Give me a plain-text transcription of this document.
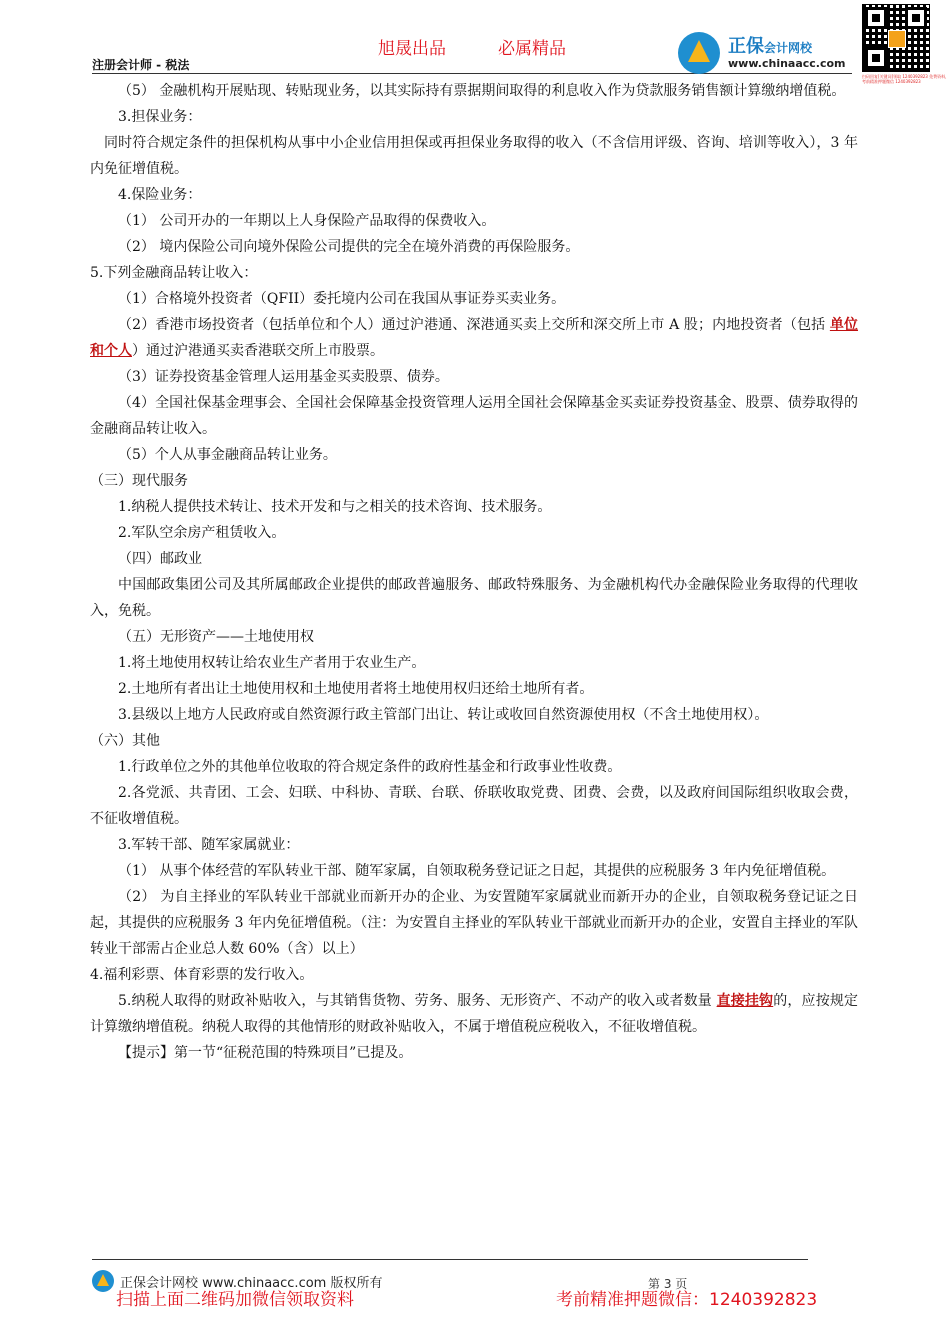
旭晟出品	必属精品
注册会计师 - 税法
正保会计网校
www.chinaacc.com
扫码回复[关键词]领取 1240392823 免费资料，考前精准押题微信 1240392823

（5） 金融机构开展贴现、转贴现业务，以其实际持有票据期间取得的利息收入作为贷款服务销售额计算缴纳增值税。

3.担保业务：

同时符合规定条件的担保机构从事中小企业信用担保或再担保业务取得的收入（不含信用评级、咨询、培训等收入），3 年内免征增值税。

4.保险业务：

（1） 公司开办的一年期以上人身保险产品取得的保费收入。

（2） 境内保险公司向境外保险公司提供的完全在境外消费的再保险服务。

5.下列金融商品转让收入：

（1）合格境外投资者（QFII）委托境内公司在我国从事证券买卖业务。

（2）香港市场投资者（包括单位和个人）通过沪港通、深港通买卖上交所和深交所上市 A 股；内地投资者（包括 单位和个人）通过沪港通买卖香港联交所上市股票。

（3）证券投资基金管理人运用基金买卖股票、债券。

（4）全国社保基金理事会、全国社会保障基金投资管理人运用全国社会保障基金买卖证券投资基金、股票、债券取得的金融商品转让收入。

（5）个人从事金融商品转让业务。

（三）现代服务

1.纳税人提供技术转让、技术开发和与之相关的技术咨询、技术服务。

2.军队空余房产租赁收入。

（四）邮政业

中国邮政集团公司及其所属邮政企业提供的邮政普遍服务、邮政特殊服务、为金融机构代办金融保险业务取得的代理收入，免税。

（五）无形资产——土地使用权

1.将土地使用权转让给农业生产者用于农业生产。

2.土地所有者出让土地使用权和土地使用者将土地使用权归还给土地所有者。

3.县级以上地方人民政府或自然资源行政主管部门出让、转让或收回自然资源使用权（不含土地使用权）。

（六）其他

1.行政单位之外的其他单位收取的符合规定条件的政府性基金和行政事业性收费。

2.各党派、共青团、工会、妇联、中科协、青联、台联、侨联收取党费、团费、会费，以及政府间国际组织收取会费，不征收增值税。

3.军转干部、随军家属就业：

（1） 从事个体经营的军队转业干部、随军家属，自领取税务登记证之日起，其提供的应税服务 3 年内免征增值税。

（2） 为自主择业的军队转业干部就业而新开办的企业、为安置随军家属就业而新开办的企业，自领取税务登记证之日起，其提供的应税服务 3 年内免征增值税。（注：为安置自主择业的军队转业干部就业而新开办的企业，安置自主择业的军队转业干部需占企业总人数 60%（含）以上）

4.福利彩票、体育彩票的发行收入。

5.纳税人取得的财政补贴收入，与其销售货物、劳务、服务、无形资产、不动产的收入或者数量 直接挂钩的，应按规定计算缴纳增值税。纳税人取得的其他情形的财政补贴收入，不属于增值税应税收入，不征收增值税。

【提示】第一节“征税范围的特殊项目”已提及。

正保会计网校 www.chinaacc.com 版权所有	第 3 页
扫描上面二维码加微信领取资料	考前精准押题微信：1240392823
